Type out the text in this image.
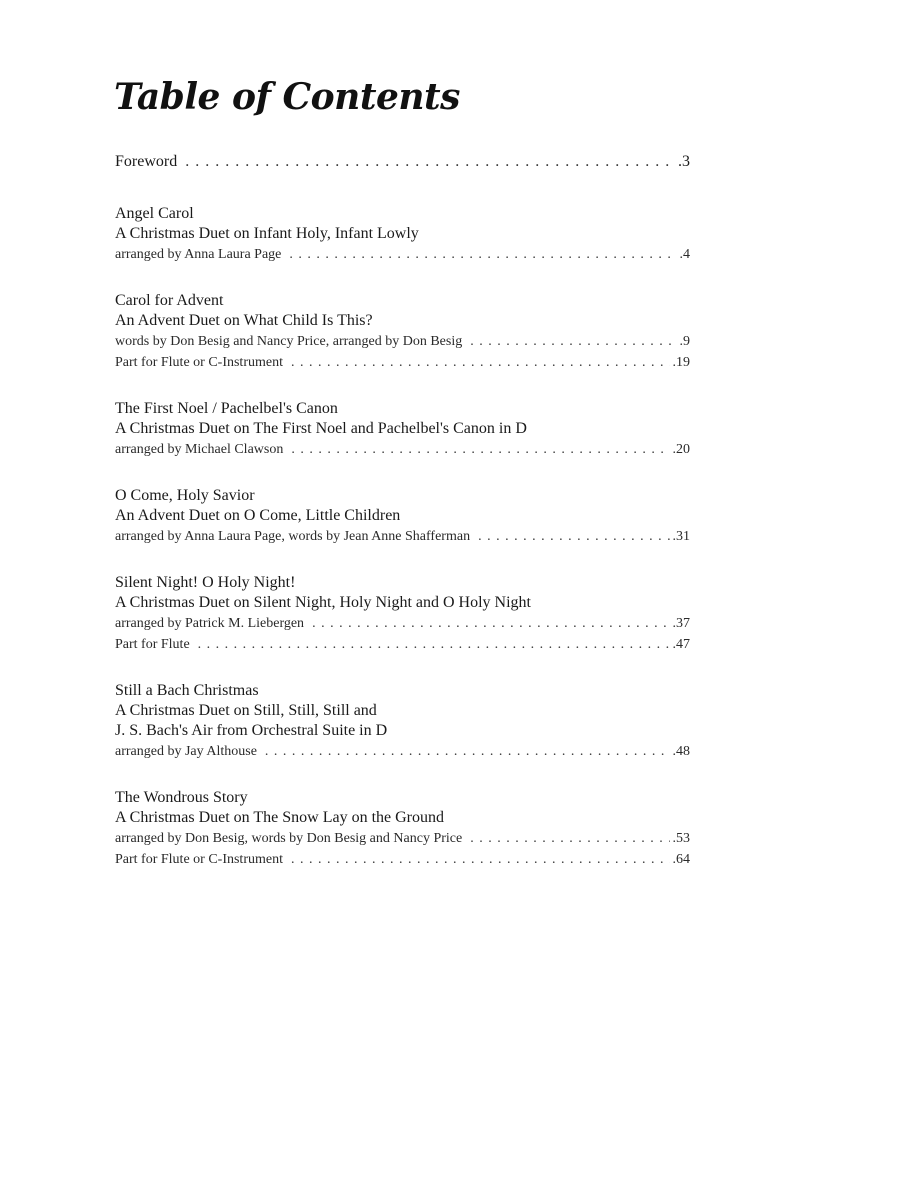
Table of Contents
Foreword . . .	.3
Angel Carol
A Christmas Duet on Infant Holy, Infant Lowly
arranged by Anna Laura Page . . .	.4
Carol for Advent
An Advent Duet on What Child Is This?
words by Don Besig and Nancy Price, arranged by Don Besig . . .	.9
Part for Flute or C-Instrument . . .	.19
The First Noel / Pachelbel's Canon
A Christmas Duet on The First Noel and Pachelbel's Canon in D
arranged by Michael Clawson . . .	.20
O Come, Holy Savior
An Advent Duet on O Come, Little Children
arranged by Anna Laura Page, words by Jean Anne Shafferman . . .	.31
Silent Night! O Holy Night!
A Christmas Duet on Silent Night, Holy Night and O Holy Night
arranged by Patrick M. Liebergen . . .	.37
Part for Flute . . .	.47
Still a Bach Christmas
A Christmas Duet on Still, Still, Still and
J. S. Bach's Air from Orchestral Suite in D
arranged by Jay Althouse . . .	.48
The Wondrous Story
A Christmas Duet on The Snow Lay on the Ground
arranged by Don Besig, words by Don Besig and Nancy Price . . .	.53
Part for Flute or C-Instrument . . .	.64
